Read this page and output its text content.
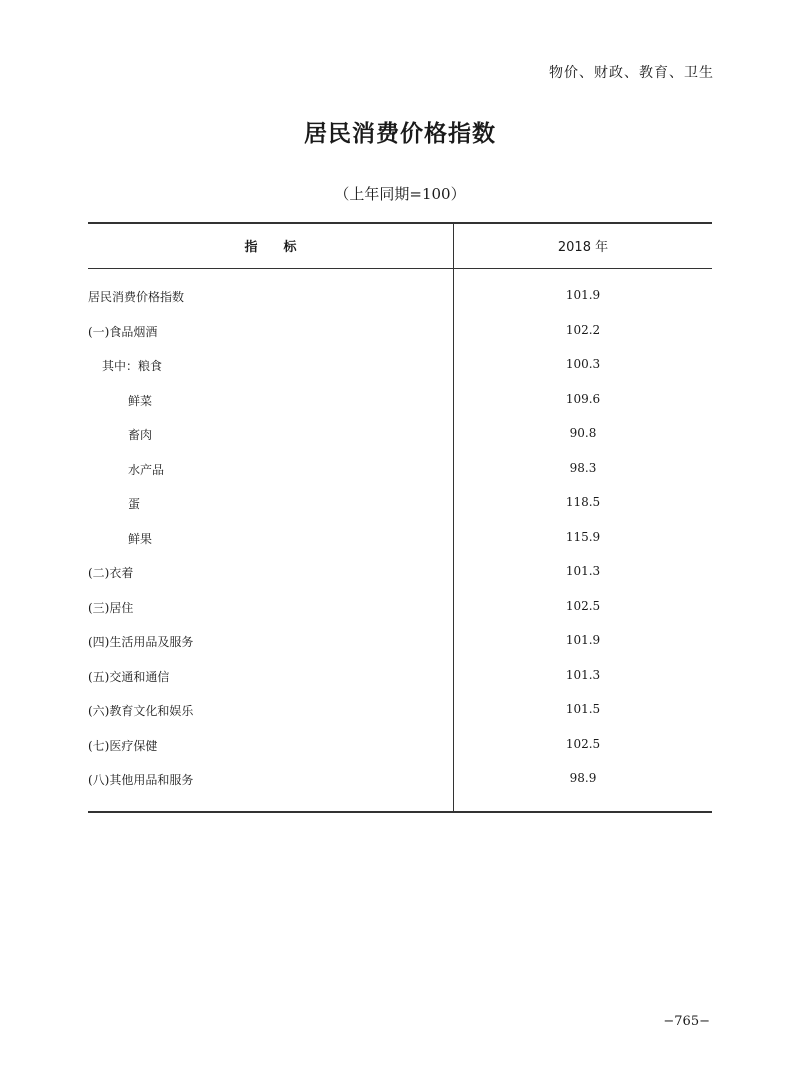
物价、财政、教育、卫生
居民消费价格指数
（上年同期=100）
指　　标	2018 年
居民消费价格指数	101.9
(一)食品烟酒	102.2
其中：粮食	100.3
鲜菜	109.6
畜肉	90.8
水产品	98.3
蛋	118.5
鲜果	115.9
(二)衣着	101.3
(三)居住	102.5
(四)生活用品及服务	101.9
(五)交通和通信	101.3
(六)教育文化和娱乐	101.5
(七)医疗保健	102.5
(八)其他用品和服务	98.9
−765−
